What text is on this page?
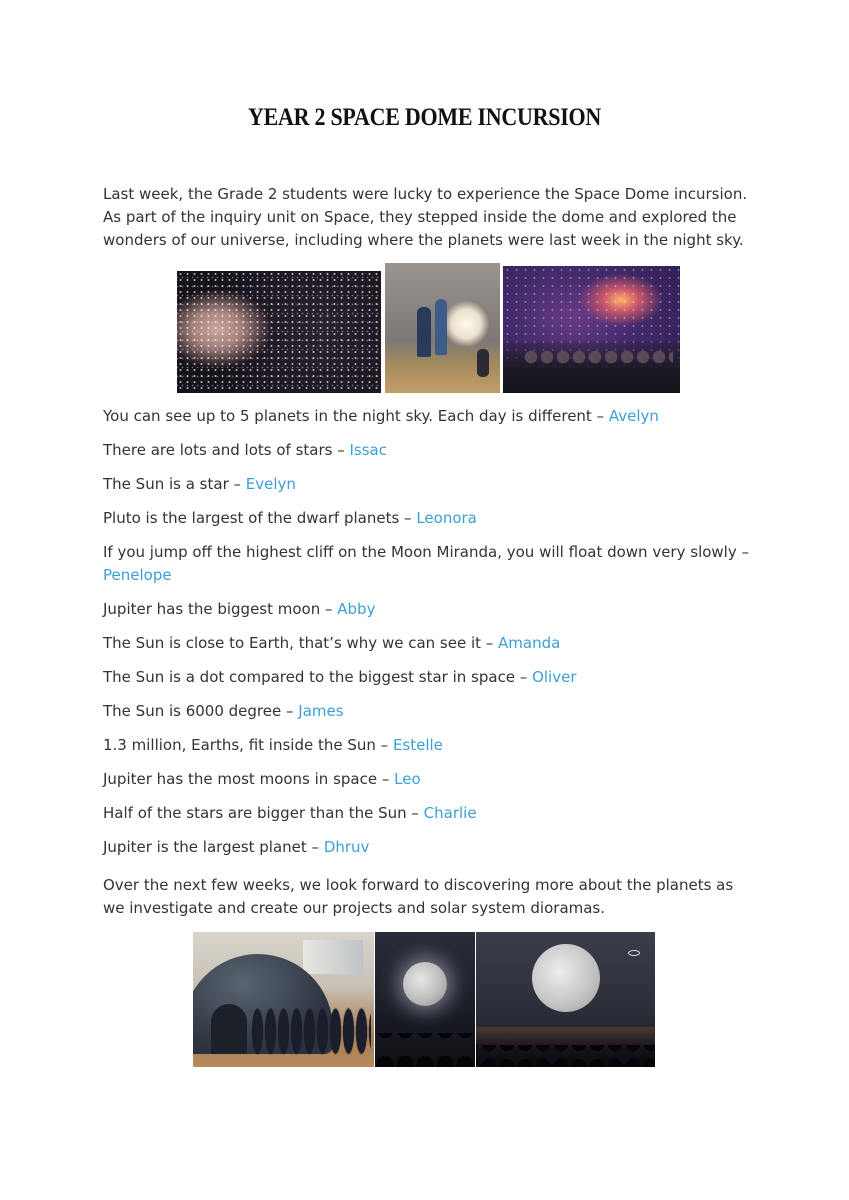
YEAR 2 SPACE DOME INCURSION

Last week, the Grade 2 students were lucky to experience the Space Dome incursion. As part of the inquiry unit on Space, they stepped inside the dome and explored the wonders of our universe, including where the planets were last week in the night sky.

You can see up to 5 planets in the night sky. Each day is different – Avelyn

There are lots and lots of stars – Issac

The Sun is a star – Evelyn

Pluto is the largest of the dwarf planets – Leonora

If you jump off the highest cliff on the Moon Miranda, you will float down very slowly – Penelope

Jupiter has the biggest moon – Abby

The Sun is close to Earth, that’s why we can see it – Amanda

The Sun is a dot compared to the biggest star in space – Oliver

The Sun is 6000 degree – James

1.3 million, Earths, fit inside the Sun – Estelle

Jupiter has the most moons in space – Leo

Half of the stars are bigger than the Sun – Charlie

Jupiter is the largest planet – Dhruv

Over the next few weeks, we look forward to discovering more about the planets as we investigate and create our projects and solar system dioramas.
